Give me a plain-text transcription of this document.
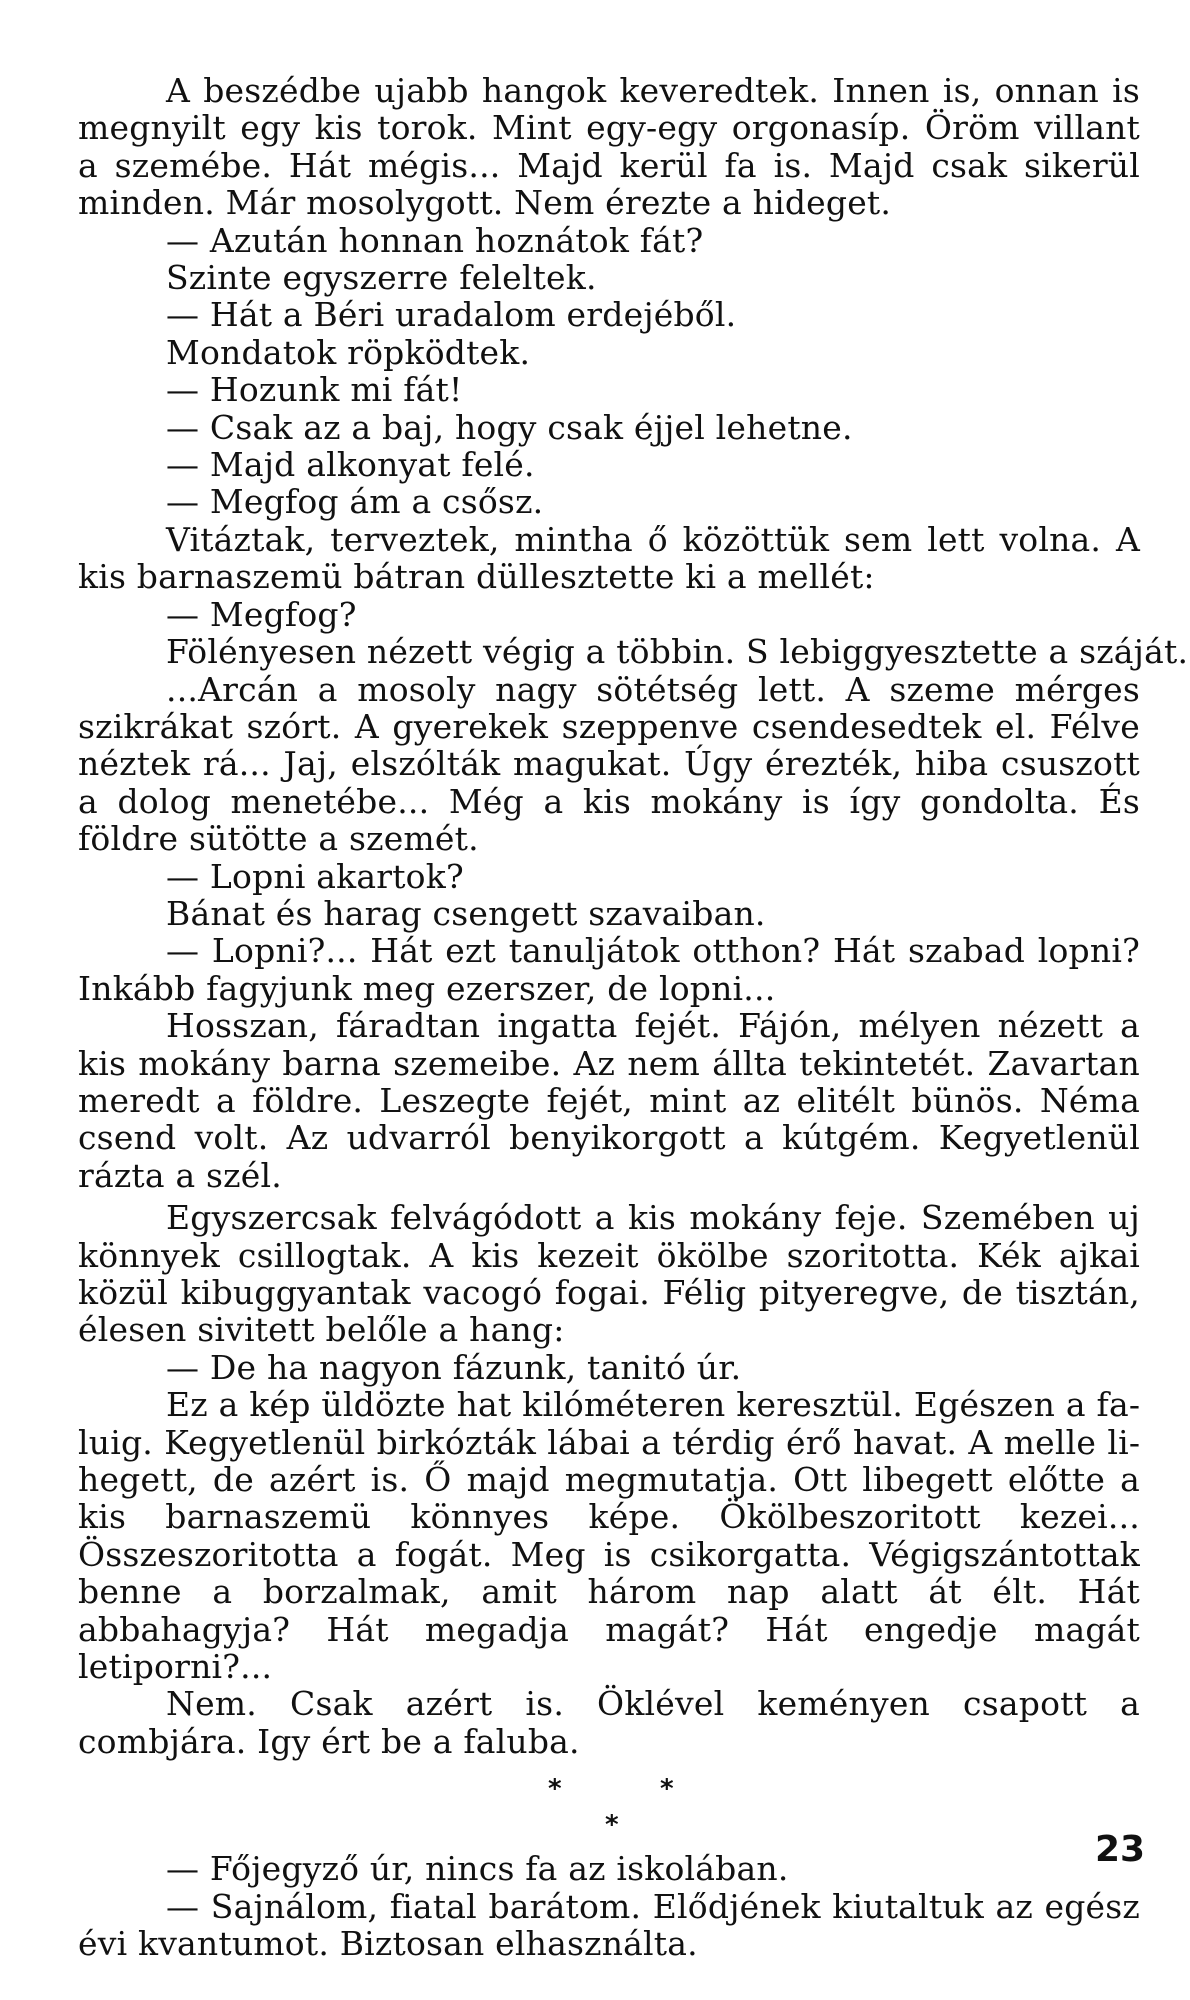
A beszédbe ujabb hangok keveredtek. Innen is, onnan is megnyilt egy kis torok. Mint egy-egy orgonasíp. Öröm villant a szemébe. Hát mégis... Majd kerül fa is. Majd csak sikerül minden. Már mosolygott. Nem érezte a hideget.

— Azután honnan hoznátok fát?

Szinte egyszerre feleltek.

— Hát a Béri uradalom erdejéből.

Mondatok röpködtek.

— Hozunk mi fát!

— Csak az a baj, hogy csak éjjel lehetne.

— Majd alkonyat felé.

— Megfog ám a csősz.

Vitáztak, terveztek, mintha ő közöttük sem lett volna. A kis barnaszemü bátran düllesztette ki a mellét:

— Megfog?

Fölényesen nézett végig a többin. S lebiggyesztette a száját.

...Arcán a mosoly nagy sötétség lett. A szeme mérges szikrákat szórt. A gyerekek szeppenve csendesedtek el. Félve néztek rá... Jaj, elszólták magukat. Úgy érezték, hiba csuszott a dolog menetébe... Még a kis mokány is így gondolta. És földre sütötte a szemét.

— Lopni akartok?

Bánat és harag csengett szavaiban.

— Lopni?... Hát ezt tanuljátok otthon? Hát szabad lopni? Inkább fagyjunk meg ezerszer, de lopni...

Hosszan, fáradtan ingatta fejét. Fájón, mélyen nézett a kis mokány barna szemeibe. Az nem állta tekintetét. Zavartan meredt a földre. Leszegte fejét, mint az elitélt bünös. Néma csend volt. Az udvarról benyikorgott a kútgém. Kegyetlenül rázta a szél.

Egyszercsak felvágódott a kis mokány feje. Szemében uj könnyek csillogtak. A kis kezeit ökölbe szoritotta. Kék ajkai közül kibuggyantak vacogó fogai. Félig pityeregve, de tisztán, élesen sivitett belőle a hang:

— De ha nagyon fázunk, tanitó úr.

Ez a kép üldözte hat kilóméteren keresztül. Egészen a faluig. Kegyetlenül birkózták lábai a térdig érő havat. A melle lihegett, de azért is. Ő majd megmutatja. Ott libegett előtte a kis barnaszemü könnyes képe. Ökölbeszoritott kezei... Összeszoritotta a fogát. Meg is csikorgatta. Végigszántottak benne a borzalmak, amit három nap alatt át élt. Hát abbahagyja? Hát megadja magát? Hát engedje magát letiporni?...

Nem. Csak azért is. Öklével keményen csapott a combjára. Igy ért be a faluba.

*	*
*

— Főjegyző úr, nincs fa az iskolában.

— Sajnálom, fiatal barátom. Elődjének kiutaltuk az egész évi kvantumot. Biztosan elhasználta.

23
